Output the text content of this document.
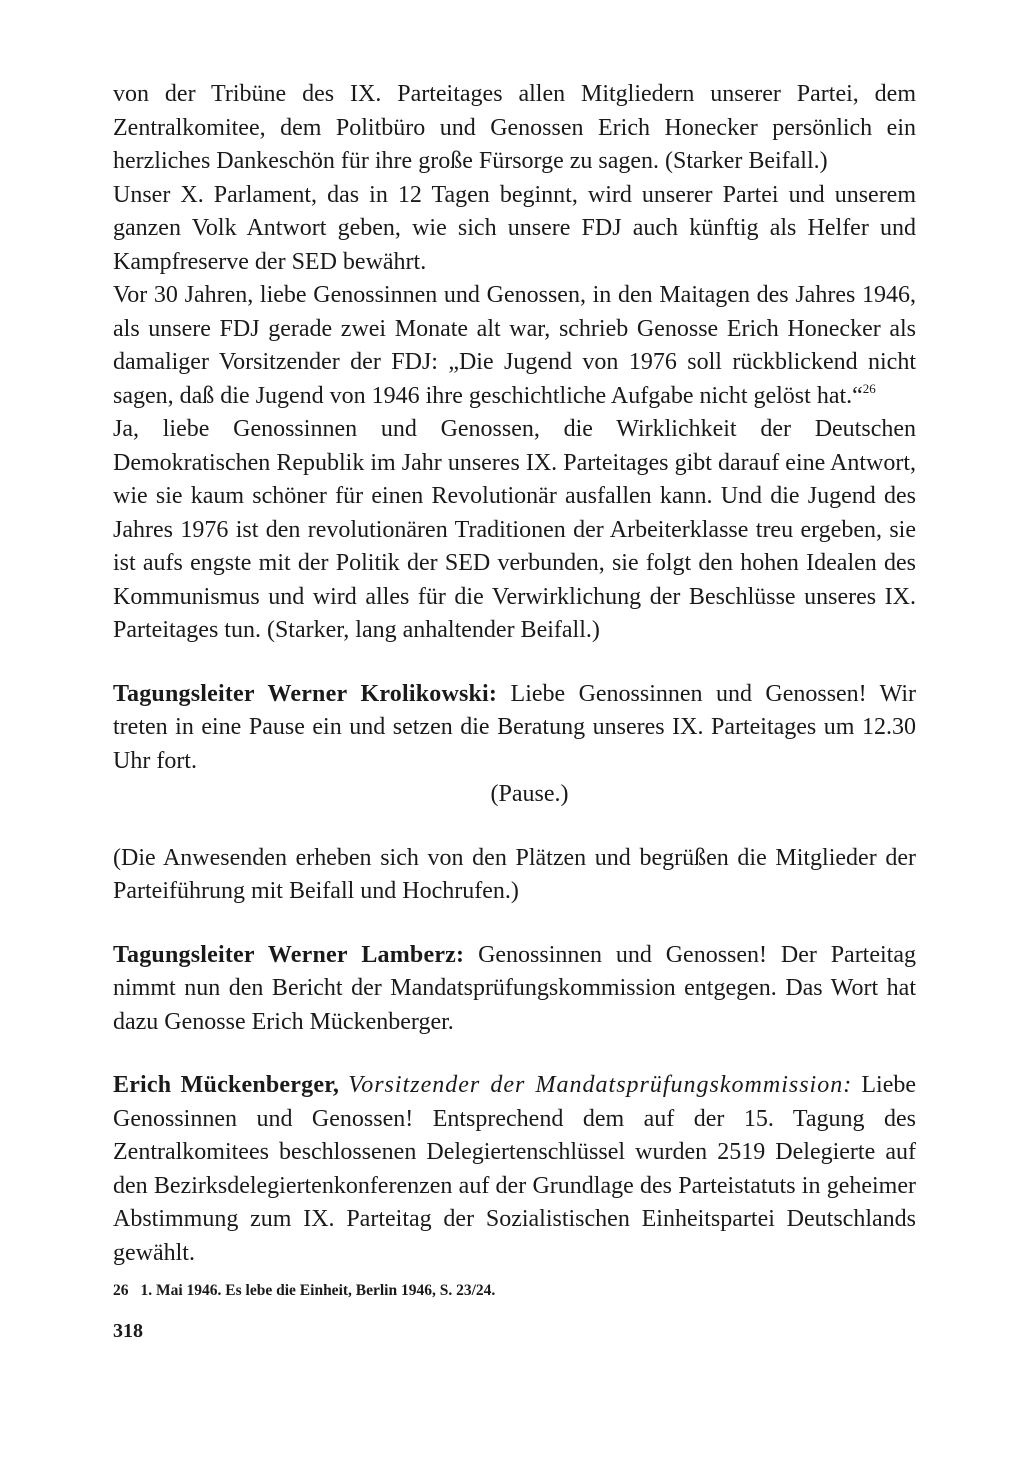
von der Tribüne des IX. Parteitages allen Mitgliedern unserer Partei, dem Zentralkomitee, dem Politbüro und Genossen Erich Honecker persönlich ein herzliches Dankeschön für ihre große Fürsorge zu sagen. (Starker Beifall.)

Unser X. Parlament, das in 12 Tagen beginnt, wird unserer Partei und unserem ganzen Volk Antwort geben, wie sich unsere FDJ auch künftig als Helfer und Kampfreserve der SED bewährt.

Vor 30 Jahren, liebe Genossinnen und Genossen, in den Maitagen des Jahres 1946, als unsere FDJ gerade zwei Monate alt war, schrieb Genosse Erich Honecker als damaliger Vorsitzender der FDJ: „Die Jugend von 1976 soll rückblickend nicht sagen, daß die Jugend von 1946 ihre geschichtliche Aufgabe nicht gelöst hat.“$^{26}$

Ja, liebe Genossinnen und Genossen, die Wirklichkeit der Deutschen Demokratischen Republik im Jahr unseres IX. Parteitages gibt darauf eine Antwort, wie sie kaum schöner für einen Revolutionär ausfallen kann. Und die Jugend des Jahres 1976 ist den revolutionären Traditionen der Arbeiterklasse treu ergeben, sie ist aufs engste mit der Politik der SED verbunden, sie folgt den hohen Idealen des Kommunismus und wird alles für die Verwirklichung der Beschlüsse unseres IX. Parteitages tun. (Starker, lang anhaltender Beifall.)

Tagungsleiter Werner Krolikowski: Liebe Genossinnen und Genossen! Wir treten in eine Pause ein und setzen die Beratung unseres IX. Parteitages um 12.30 Uhr fort.

(Pause.)

(Die Anwesenden erheben sich von den Plätzen und begrüßen die Mitglieder der Parteiführung mit Beifall und Hochrufen.)

Tagungsleiter Werner Lamberz: Genossinnen und Genossen! Der Parteitag nimmt nun den Bericht der Mandatsprüfungskommission entgegen. Das Wort hat dazu Genosse Erich Mückenberger.

Erich Mückenberger, Vorsitzender der Mandatsprüfungskommission: Liebe Genossinnen und Genossen! Entsprechend dem auf der 15. Tagung des Zentralkomitees beschlossenen Delegiertenschlüssel wurden 2519 Delegierte auf den Bezirksdelegiertenkonferenzen auf der Grundlage des Parteistatuts in geheimer Abstimmung zum IX. Parteitag der Sozialistischen Einheitspartei Deutschlands gewählt.

26 1. Mai 1946. Es lebe die Einheit, Berlin 1946, S. 23/24.
318
